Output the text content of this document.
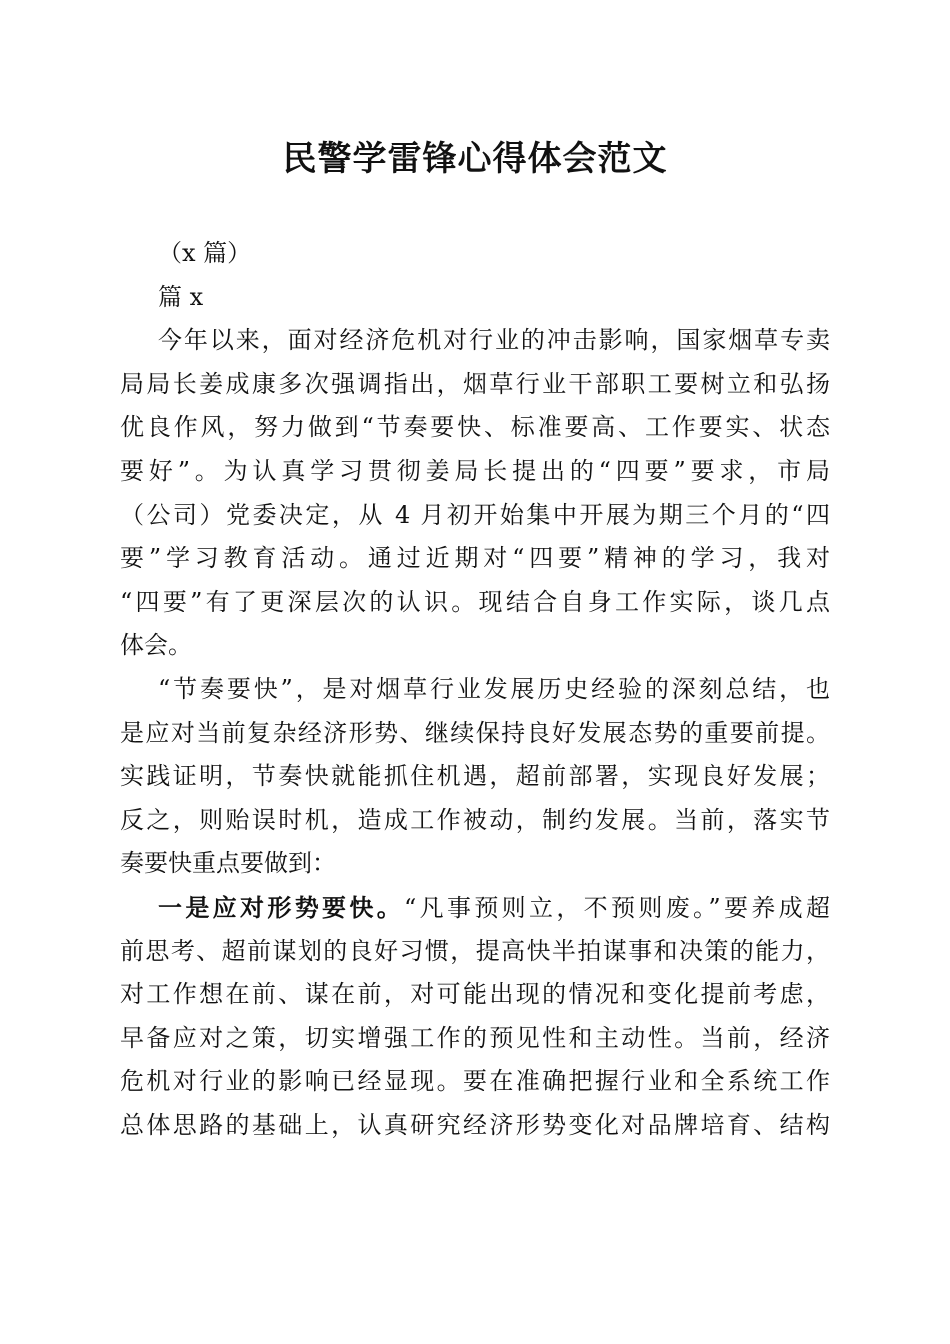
民警学雷锋心得体会范文
（x 篇）
篇 x
今年以来，面对经济危机对行业的冲击影响，国家烟草专卖
局局长姜成康多次强调指出，烟草行业干部职工要树立和弘扬
优良作风，努力做到“节奏要快、标准要高、工作要实、状态
要好”。为认真学习贯彻姜局长提出的“四要”要求，市局
（公司）党委决定，从 4 月初开始集中开展为期三个月的“四
要”学习教育活动。通过近期对“四要”精神的学习，我对
“四要”有了更深层次的认识。现结合自身工作实际，谈几点
体会。
“节奏要快”，是对烟草行业发展历史经验的深刻总结，也
是应对当前复杂经济形势、继续保持良好发展态势的重要前提。
实践证明，节奏快就能抓住机遇，超前部署，实现良好发展；
反之，则贻误时机，造成工作被动，制约发展。当前，落实节
奏要快重点要做到：
一是应对形势要快。“凡事预则立，不预则废。”要养成超
前思考、超前谋划的良好习惯，提高快半拍谋事和决策的能力，
对工作想在前、谋在前，对可能出现的情况和变化提前考虑，
早备应对之策，切实增强工作的预见性和主动性。当前，经济
危机对行业的影响已经显现。要在准确把握行业和全系统工作
总体思路的基础上，认真研究经济形势变化对品牌培育、结构
